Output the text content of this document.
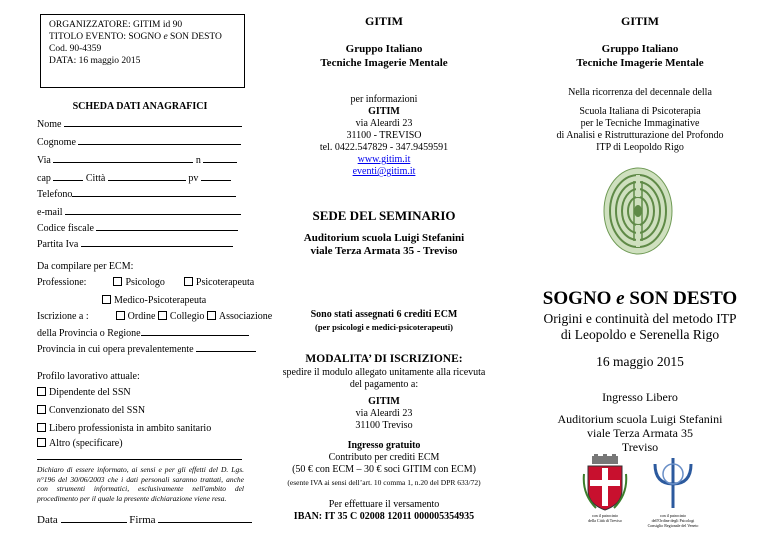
ORGANIZZATORE: GITIM id 90
TITOLO EVENTO: SOGNO e SON DESTO
Cod. 90-4359
DATA: 16 maggio 2015
SCHEDA DATI ANAGRAFICI
Nome
Cognome
Via	n
cap	Città	pv
Telefono
e-mail
Codice fiscale
Partita Iva
Da compilare per ECM:
Professione:	Psicologo	Psicoterapeuta
Medico-Psicoterapeuta
Iscrizione a :	Ordine Collegio Associazione
della Provincia o Regione
Provincia in cui opera prevalentemente
Profilo lavorativo attuale:
Dipendente del SSN
Convenzionato del SSN
Libero professionista in ambito sanitario
Altro (specificare)
Dichiaro di essere informato, ai sensi e per gli effetti del D. Lgs. n°196 del 30/06/2003 che i dati personali saranno trattati, anche con strumenti informatici, esclusivamente nell'ambito del procedimento per il quale la presente dichiarazione viene resa.
Data	Firma
GITIM
Gruppo Italiano
Tecniche Imagerie Mentale
per informazioni
GITIM
via Aleardi 23
31100 - TREVISO
tel. 0422.547829 - 347.9459591
www.gitim.it
eventi@gitim.it
SEDE DEL SEMINARIO
Auditorium scuola Luigi Stefanini
viale Terza Armata 35 - Treviso
Sono stati assegnati 6 crediti ECM
(per psicologi e medici-psicoterapeuti)
MODALITA’ DI ISCRIZIONE:
spedire il modulo allegato unitamente alla ricevuta
del pagamento a:
GITIM
via Aleardi 23
31100 Treviso
Ingresso gratuito
Contributo per crediti ECM
(50 € con ECM – 30 € soci GITIM con ECM)
(esente IVA ai sensi dell’art. 10 comma 1, n.20 del DPR 633/72)
Per effettuare il versamento
IBAN: IT 35 C 02008 12011 000005354935
GITIM
Gruppo Italiano
Tecniche Imagerie Mentale
Nella ricorrenza del decennale della
Scuola Italiana di Psicoterapia
per le Tecniche Immaginative
di Analisi e Ristrutturazione del Profondo
ITP di Leopoldo Rigo
SOGNO e SON DESTO
Origini e continuità del metodo ITP
di Leopoldo e Serenella Rigo
16 maggio 2015
Ingresso Libero
Auditorium scuola Luigi Stefanini
viale Terza Armata 35
Treviso
con il patrocinio
della Città di Treviso
con il patrocinio
dell'Ordine degli Psicologi
Consiglio Regionale del Veneto
